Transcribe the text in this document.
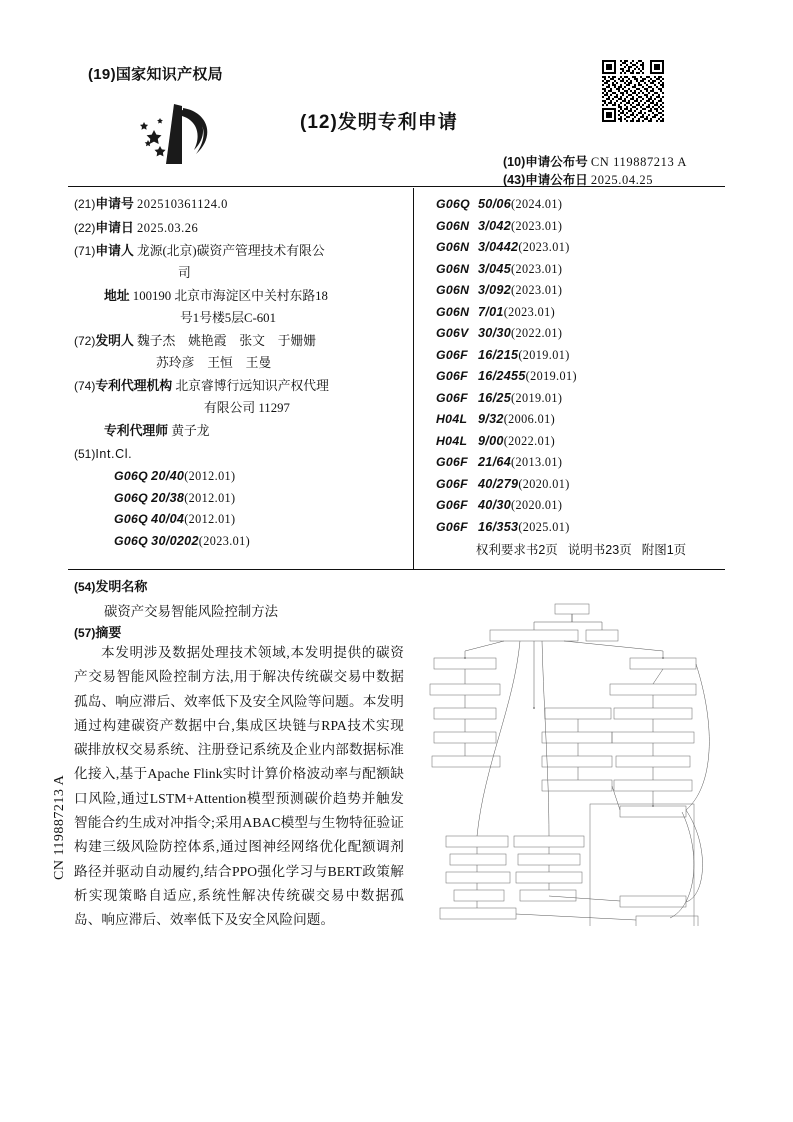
CN 119887213 A
(19)国家知识产权局
(12)发明专利申请
(10)申请公布号 CN 119887213 A
(43)申请公布日 2025.04.25
(21)申请号 202510361124.0
(22)申请日 2025.03.26
(71)申请人 龙源(北京)碳资产管理技术有限公
司
地址 100190 北京市海淀区中关村东路18
号1号楼5层C-601
(72)发明人 魏子杰　姚艳霞　张文　于姗姗
苏玲彦　王恒　王曼
(74)专利代理机构 北京睿博行远知识产权代理
有限公司 11297
专利代理师 黄子龙
(51)Int.Cl.
G06Q 20/40(2012.01)
G06Q 20/38(2012.01)
G06Q 40/04(2012.01)
G06Q 30/0202(2023.01)
G06Q 50/06(2024.01)
G06N 3/042(2023.01)
G06N 3/0442(2023.01)
G06N 3/045(2023.01)
G06N 3/092(2023.01)
G06N 7/01(2023.01)
G06V 30/30(2022.01)
G06F 16/215(2019.01)
G06F 16/2455(2019.01)
G06F 16/25(2019.01)
H04L 9/32(2006.01)
H04L 9/00(2022.01)
G06F 21/64(2013.01)
G06F 40/279(2020.01)
G06F 40/30(2020.01)
G06F 16/353(2025.01)
权利要求书2页 说明书23页 附图1页
(54)发明名称
碳资产交易智能风险控制方法
(57)摘要
本发明涉及数据处理技术领域,本发明提供的碳资产交易智能风险控制方法,用于解决传统碳交易中数据孤岛、响应滞后、效率低下及安全风险等问题。本发明通过构建碳资产数据中台,集成区块链与RPA技术实现碳排放权交易系统、注册登记系统及企业内部数据标准化接入,基于Apache Flink实时计算价格波动率与配额缺口风险,通过LSTM+Attention模型预测碳价趋势并触发智能合约生成对冲指令;采用ABAC模型与生物特征验证构建三级风险防控体系,通过图神经网络优化配额调剂路径并驱动自动履约,结合PPO强化学习与BERT政策解析实现策略自适应,系统性解决传统碳交易中数据孤岛、响应滞后、效率低下及安全风险问题。
